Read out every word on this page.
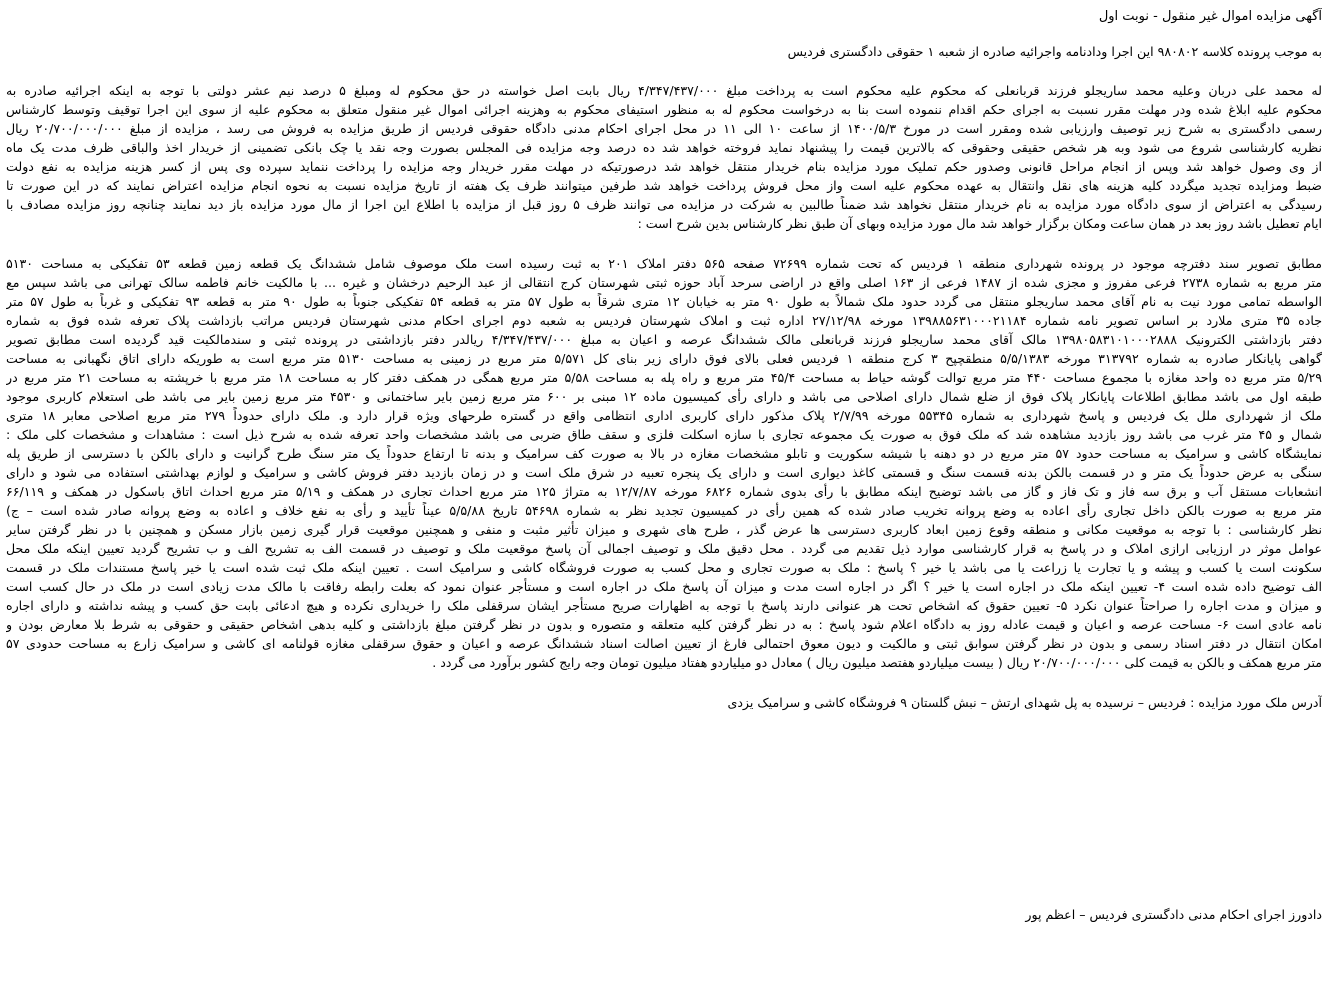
آگهی مزایده اموال غیر منقول - نوبت اول
به موجب پرونده کلاسه ۹۸۰۸۰۲ این اجرا ودادنامه واجرائیه صادره از شعبه ۱ حقوقی دادگستری فردیس
له محمد علی دربان وعلیه محمد ساریجلو فرزند قربانعلی که محکوم علیه محکوم است به پرداخت مبلغ ۴/۳۴۷/۴۳۷/۰۰۰ ریال بابت اصل خواسته در حق محکوم له ومبلغ ۵ درصد نیم عشر دولتی با توجه به اینکه اجرائیه صادره به
محکوم علیه ابلاغ شده ودر مهلت مقرر نسبت به اجرای حکم اقدام ننموده است بنا به درخواست محکوم له به منظور استیفای محکوم به وهزینه اجرائی اموال غیر منقول متعلق به محکوم علیه از سوی این اجرا توقیف وتوسط کارشناس
رسمی دادگستری به شرح زیر توصیف وارزیابی شده ومقرر است در مورخ ۱۴۰۰/۵/۳ از ساعت ۱۰ الی ۱۱ در محل اجرای احکام مدنی دادگاه حقوقی فردیس از طریق مزایده به فروش می رسد ، مزایده از مبلغ ۲۰/۷۰۰/۰۰۰/۰۰۰ ریال
نظریه کارشناسی شروع می شود وبه هر شخص حقیقی وحقوقی که بالاترین قیمت را پیشنهاد نماید فروخته خواهد شد ده درصد وجه مزایده فی المجلس بصورت وجه نقد یا چک بانکی تضمینی از خریدار اخذ والباقی ظرف مدت یک ماه
از وی وصول خواهد شد وپس از انجام مراحل قانونی وصدور حکم تملیک مورد مزایده بنام خریدار منتقل خواهد شد درصورتیکه در مهلت مقرر خریدار وجه مزایده را پرداخت ننماید سپرده وی پس از کسر هزینه مزایده به نفع دولت
ضبط ومزایده تجدید میگردد کلیه هزینه های نقل وانتقال به عهده محکوم علیه است واز محل فروش پرداخت خواهد شد طرفین میتوانند ظرف یک هفته از تاریخ مزایده نسبت به نحوه انجام مزایده اعتراض نمایند که در این صورت تا
رسیدگی به اعتراض از سوی دادگاه مورد مزایده به نام خریدار منتقل نخواهد شد ضمناً طالبین به شرکت در مزایده می توانند ظرف ۵ روز قبل از مزایده با اطلاع این اجرا از مال مورد مزایده باز دید نمایند چنانچه روز مزایده مصادف با
ایام تعطیل باشد روز بعد در همان ساعت ومکان برگزار خواهد شد مال مورد مزایده وبهای آن طبق نظر کارشناس بدین شرح است :
مطابق تصویر سند دفترچه موجود در پرونده شهرداری منطقه ۱ فردیس که تحت شماره ۷۲۶۹۹ صفحه ۵۶۵ دفتر املاک ۲۰۱ به ثبت رسیده است ملک موصوف شامل ششدانگ یک قطعه زمین قطعه ۵۳ تفکیکی به مساحت ۵۱۳۰
متر مربع به شماره ۲۷۳۸ فرعی مفروز و مجزی شده از ۱۴۸۷ فرعی از ۱۶۳ اصلی واقع در اراضی سرحد آباد حوزه ثبتی شهرستان کرج انتقالی از عبد الرحیم درخشان و غیره ... با مالکیت خانم فاطمه سالک تهرانی می باشد سپس مع
الواسطه تمامی مورد نیت به نام آقای محمد ساریجلو منتقل می گردد حدود ملک شمالاً به طول ۹۰ متر به خیابان ۱۲ متری شرقاً به طول ۵۷ متر به قطعه ۵۴ تفکیکی جنوباً به طول ۹۰ متر به قطعه ۹۳ تفکیکی و غرباً به طول ۵۷ متر
جاده ۳۵ متری ملارد بر اساس تصویر نامه شماره ۱۳۹۸۸۵۶۳۱۰۰۰۲۱۱۸۴ مورخه ۲۷/۱۲/۹۸ اداره ثبت و املاک شهرستان فردیس به شعبه دوم اجرای احکام مدنی شهرستان فردیس مراتب بازداشت پلاک تعرفه شده فوق به شماره
دفتر بازداشتی الکترونیک ۱۳۹۸۰۵۸۳۱۰۱۰۰۰۲۸۸۸ مالک آقای محمد ساریجلو فرزند قربانعلی مالک ششدانگ عرصه و اعیان به مبلغ ۴/۳۴۷/۴۳۷/۰۰۰ ریالدر دفتر بازداشتی در پرونده ثبتی و سندمالکیت قید گردیده است مطابق تصویر
گواهی پایانکار صادره به شماره ۳۱۳۷۹۲ مورخه ۵/۵/۱۳۸۳ منطقچپح ۳ کرج منطقه ۱ فردیس فعلی بالای فوق دارای زیر بنای کل ۵/۵۷۱ متر مربع در زمینی به مساحت ۵۱۳۰ متر مربع است به طوریکه دارای اتاق نگهبانی به مساحت
۵/۲۹ متر مربع ده واحد مغازه با مجموع مساحت ۴۴۰ متر مربع توالت گوشه حیاط به مساحت ۴۵/۴ متر مربع و راه پله به مساحت ۵/۵۸ متر مربع همگی در همکف دفتر کار به مساحت ۱۸ متر مربع با خرپشته به مساحت ۲۱ متر مربع در
طبقه اول می باشد مطابق اطلاعات پایانکار پلاک فوق از ضلع شمال دارای اصلاحی می باشد و دارای رأی کمیسیون ماده ۱۲ مبنی بر ۶۰۰ متر مربع زمین بایر ساختمانی و ۴۵۳۰ متر مربع زمین بایر می باشد طی استعلام کاربری موجود
ملک از شهرداری ملل یک فردیس و پاسخ شهرداری به شماره ۵۵۳۴۵ مورخه ۲/۷/۹۹ پلاک مذکور دارای کاربری اداری انتظامی واقع در گستره طرحهای ویژه قرار دارد و. ملک دارای حدوداً ۲۷۹ متر مربع اصلاحی معابر ۱۸ متری
شمال و ۴۵ متر غرب می باشد روز بازدید مشاهده شد که ملک فوق به صورت یک مجموعه تجاری با سازه اسکلت فلزی و سقف طاق ضربی می باشد مشخصات واحد تعرفه شده به شرح ذیل است : مشاهدات و مشخصات کلی ملک :
نمایشگاه کاشی و سرامیک به مساحت حدود ۵۷ متر مربع در دو دهنه با شیشه سکوریت و تابلو مشخصات مغازه در بالا به صورت کف سرامیک و بدنه تا ارتفاع حدوداً یک متر سنگ طرح گرانیت و دارای بالکن با دسترسی از طریق پله
سنگی به عرض حدوداً یک متر و در قسمت بالکن بدنه قسمت سنگ و قسمتی کاغذ دیواری است و دارای یک پنجره تعبیه در شرق ملک است و در زمان بازدید دفتر فروش کاشی و سرامیک و لوازم بهداشتی استفاده می شود و دارای
انشعابات مستقل آب و برق سه فاز و تک فاز و گاز می باشد توضیح اینکه مطابق با رأی بدوی شماره ۶۸۲۶ مورخه ۱۲/۷/۸۷ به متراژ ۱۲۵ متر مربع احداث تجاری در همکف و ۵/۱۹ متر مربع احداث اتاق باسکول در همکف و ۶۶/۱۱۹
متر مربع به صورت بالکن داخل تجاری رأی اعاده به وضع پروانه تخریب صادر شده که همین رأی در کمیسیون تجدید نظر به شماره ۵۴۶۹۸ تاریخ ۵/۵/۸۸ عیناً تأیید و رأی به نفع خلاف و اعاده به وضع پروانه صادر شده است – ج)
نظر کارشناسی : با توجه به موقعیت مکانی و منطقه وقوع زمین ابعاد کاربری دسترسی ها عرض گذر ، طرح های شهری و میزان تأثیر مثبت و منفی و همچنین موقعیت قرار گیری زمین بازار مسکن و همچنین با در نظر گرفتن سایر
عوامل موثر در ارزیابی ارازی املاک و در پاسخ به قرار کارشناسی موارد ذیل تقدیم می گردد . محل دقیق ملک و توصیف اجمالی آن پاسخ موقعیت ملک و توصیف در قسمت الف به تشریح الف و ب تشریح گردید تعیین اینکه ملک محل
سکونت است یا کسب و پیشه و یا تجارت یا زراعت یا می باشد یا خیر ؟ پاسخ : ملک به صورت تجاری و محل کسب به صورت فروشگاه کاشی و سرامیک است . تعیین اینکه ملک ثبت شده است یا خیر پاسخ مستندات ملک در قسمت
الف توضیح داده شده است ۴- تعیین اینکه ملک در اجاره است یا خیر ؟ اگر در اجاره است مدت و میزان آن پاسخ ملک در اجاره است و مستأجر عنوان نمود که بعلت رابطه رفاقت با مالک مدت زیادی است در ملک در حال کسب است
و میزان و مدت اجاره را صراحتاً عنوان نکرد ۵- تعیین حقوق که اشخاص تحت هر عنوانی دارند پاسخ با توجه به اظهارات صریح مستأجر ایشان سرقفلی ملک را خریداری نکرده و هیچ ادعائی بابت حق کسب و پیشه نداشته و دارای اجاره
نامه عادی است ۶- مساحت عرصه و اعیان و قیمت عادله روز به دادگاه اعلام شود پاسخ : به در نظر گرفتن کلیه متعلقه و متصوره و بدون در نظر گرفتن مبلغ بازداشتی و کلیه بدهی اشخاص حقیقی و حقوقی به شرط بلا معارض بودن و
امکان انتقال در دفتر اسناد رسمی و بدون در نظر گرفتن سوابق ثبتی و مالکیت و دیون معوق احتمالی فارغ از تعیین اصالت اسناد ششدانگ عرصه و اعیان و حقوق سرقفلی مغازه قولنامه ای کاشی و سرامیک زارع به مساحت حدودی ۵۷
متر مربع همکف و بالکن به قیمت کلی ۲۰/۷۰۰/۰۰۰/۰۰۰ ریال ( بیست میلیاردو هفتصد میلیون ریال ) معادل دو میلیاردو هفتاد میلیون تومان وجه رایج کشور برآورد می گردد .
آدرس ملک مورد مزایده : فردیس – نرسیده به پل شهدای ارتش – نبش گلستان ۹ فروشگاه کاشی و سرامیک یزدی
دادورز اجرای احکام مدنی دادگستری فردیس – اعظم پور
